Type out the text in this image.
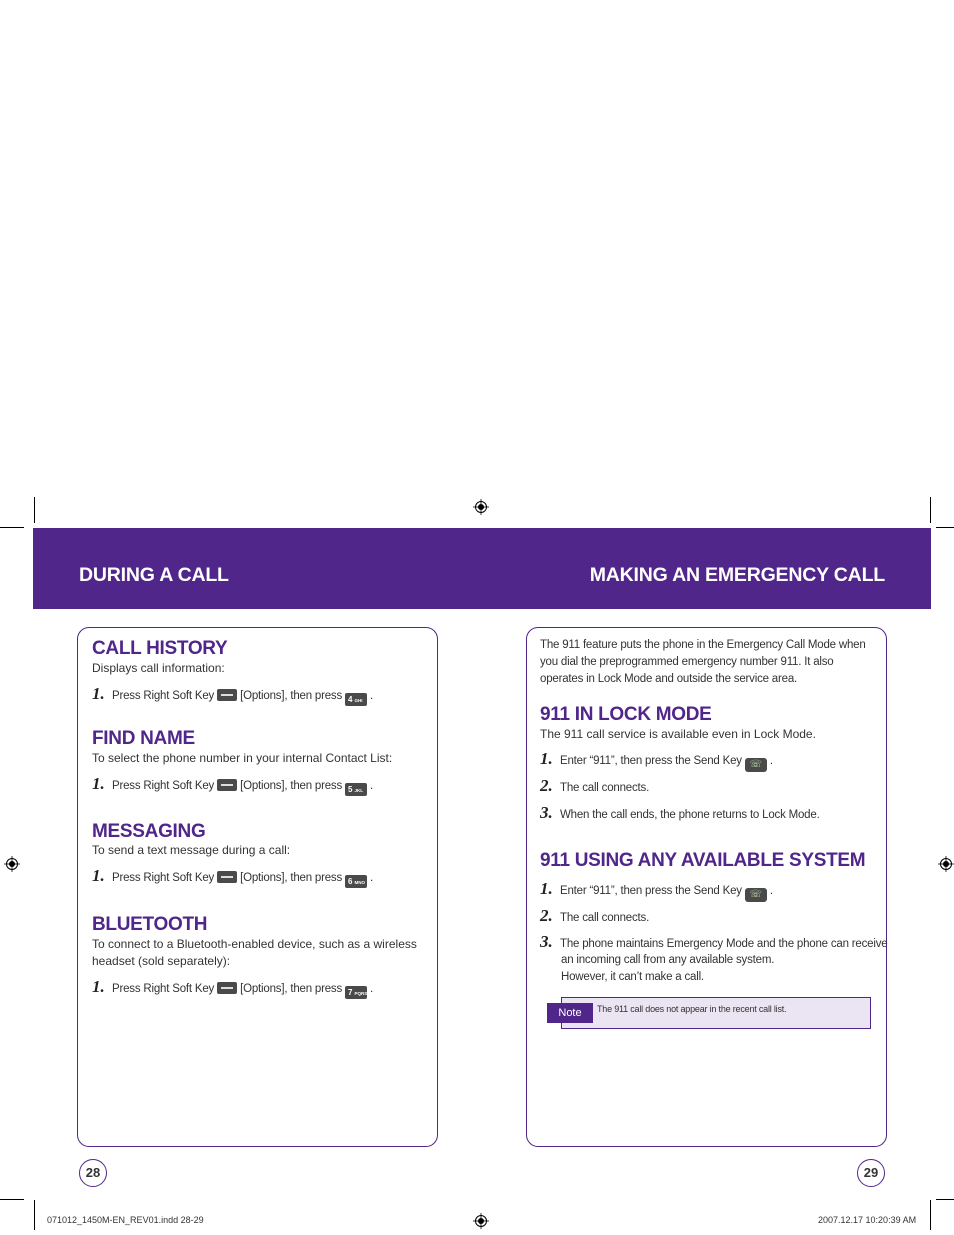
DURING A CALL	MAKING AN EMERGENCY CALL
CALL HISTORY
Displays call information:
1. Press Right Soft Key [Options], then press 4 GHI .
FIND NAME
To select the phone number in your internal Contact List:
1. Press Right Soft Key [Options], then press 5 JKL .
MESSAGING
To send a text message during a call:
1. Press Right Soft Key [Options], then press 6 MNO .
BLUETOOTH
To connect to a Bluetooth-enabled device, such as a wireless headset (sold separately):
1. Press Right Soft Key [Options], then press 7 PQRS .
The 911 feature puts the phone in the Emergency Call Mode when you dial the preprogrammed emergency number 911. It also operates in Lock Mode and outside the service area.
911 IN LOCK MODE
The 911 call service is available even in Lock Mode.
1. Enter “911”, then press the Send Key ☏ .
2. The call connects.
3. When the call ends, the phone returns to Lock Mode.
911 USING ANY AVAILABLE SYSTEM
1. Enter “911”, then press the Send Key ☏ .
2. The call connects.
3. The phone maintains Emergency Mode and the phone can receive
an incoming call from any available system.
However, it can’t make a call.
Note	The 911 call does not appear in the recent call list.
28	29
071012_1450M-EN_REV01.indd 28-29	2007.12.17 10:20:39 AM
